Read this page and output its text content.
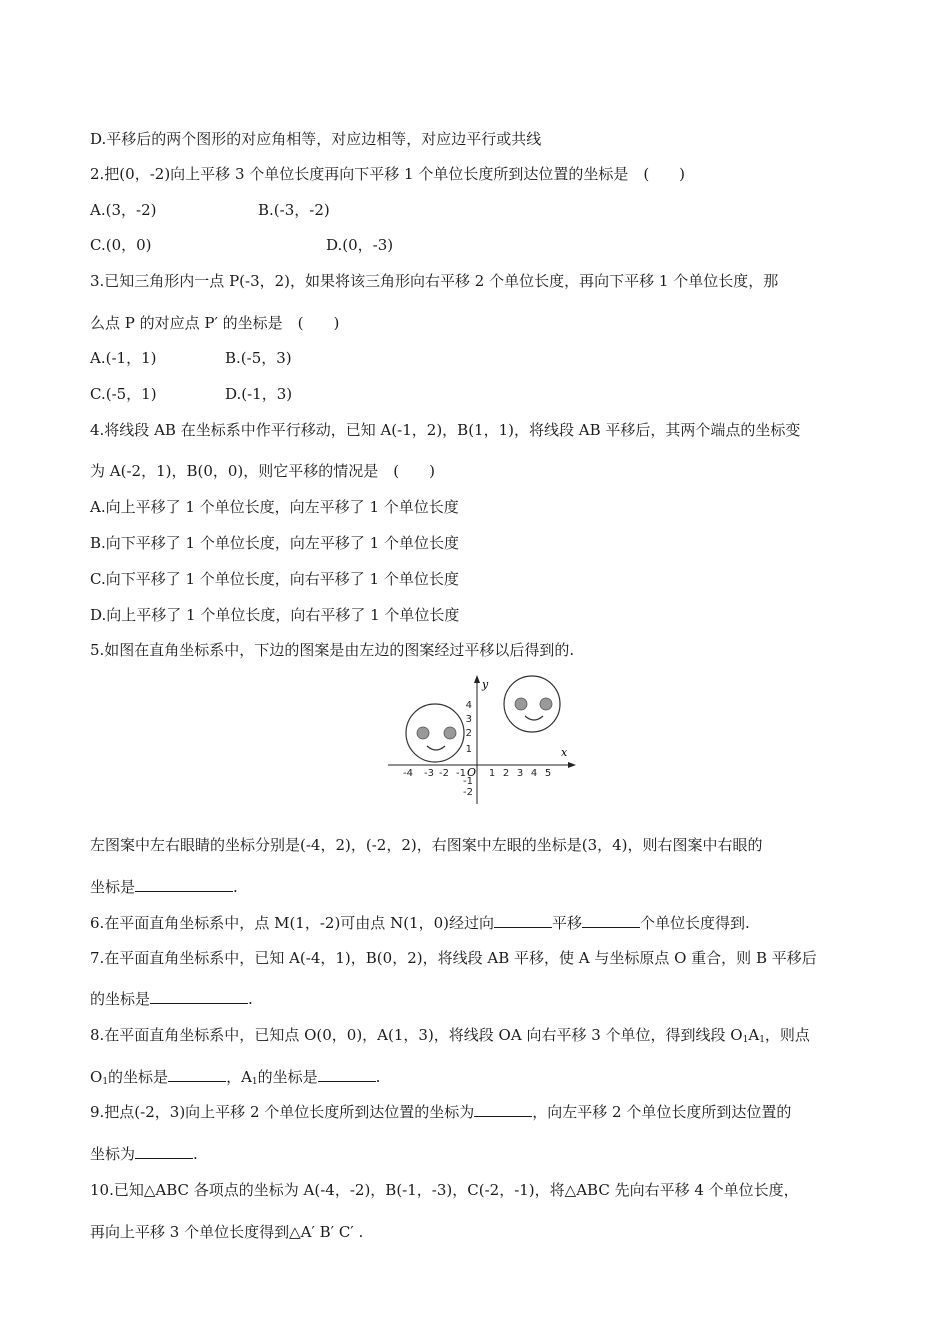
D.平移后的两个图形的对应角相等，对应边相等，对应边平行或共线
2.把(0，-2)向上平移 3 个单位长度再向下平移 1 个单位长度所到达位置的坐标是　(　　)
A.(3，-2)	B.(-3，-2)
C.(0，0)	D.(0，-3)
3.已知三角形内一点 P(-3，2)，如果将该三角形向右平移 2 个单位长度，再向下平移 1 个单位长度，那
么点 P 的对应点 P′ 的坐标是　(　　)
A.(-1，1)	B.(-5，3)
C.(-5，1)	D.(-1，3)
4.将线段 AB 在坐标系中作平行移动，已知 A(-1，2)，B(1，1)，将线段 AB 平移后，其两个端点的坐标变
为 A(-2，1)，B(0，0)，则它平移的情况是　(　　)
A.向上平移了 1 个单位长度，向左平移了 1 个单位长度
B.向下平移了 1 个单位长度，向左平移了 1 个单位长度
C.向下平移了 1 个单位长度，向右平移了 1 个单位长度
D.向上平移了 1 个单位长度，向右平移了 1 个单位长度
5.如图在直角坐标系中，下边的图案是由左边的图案经过平移以后得到的.
x
y
O
-4 -3 -2 -1 1 2 3 4 5
4
3
2
1
-1
-2
左图案中左右眼睛的坐标分别是(-4，2)，(-2，2)，右图案中左眼的坐标是(3，4)，则右图案中右眼的
坐标是	.
6.在平面直角坐标系中，点 M(1，-2)可由点 N(1，0)经过向	平移	个单位长度得到.
7.在平面直角坐标系中，已知 A(-4，1)，B(0，2)，将线段 AB 平移，使 A 与坐标原点 O 重合，则 B 平移后
的坐标是	.
8.在平面直角坐标系中，已知点 O(0，0)，A(1，3)，将线段 OA 向右平移 3 个单位，得到线段 $O_1A_1$，则点
$O_1$的坐标是	，$A_1$的坐标是	.
9.把点(-2，3)向上平移 2 个单位长度所到达位置的坐标为	，向左平移 2 个单位长度所到达位置的
坐标为	.
10.已知△ABC 各项点的坐标为 A(-4，-2)，B(-1，-3)，C(-2，-1)，将△ABC 先向右平移 4 个单位长度，
再向上平移 3 个单位长度得到△A′ B′ C′ .
